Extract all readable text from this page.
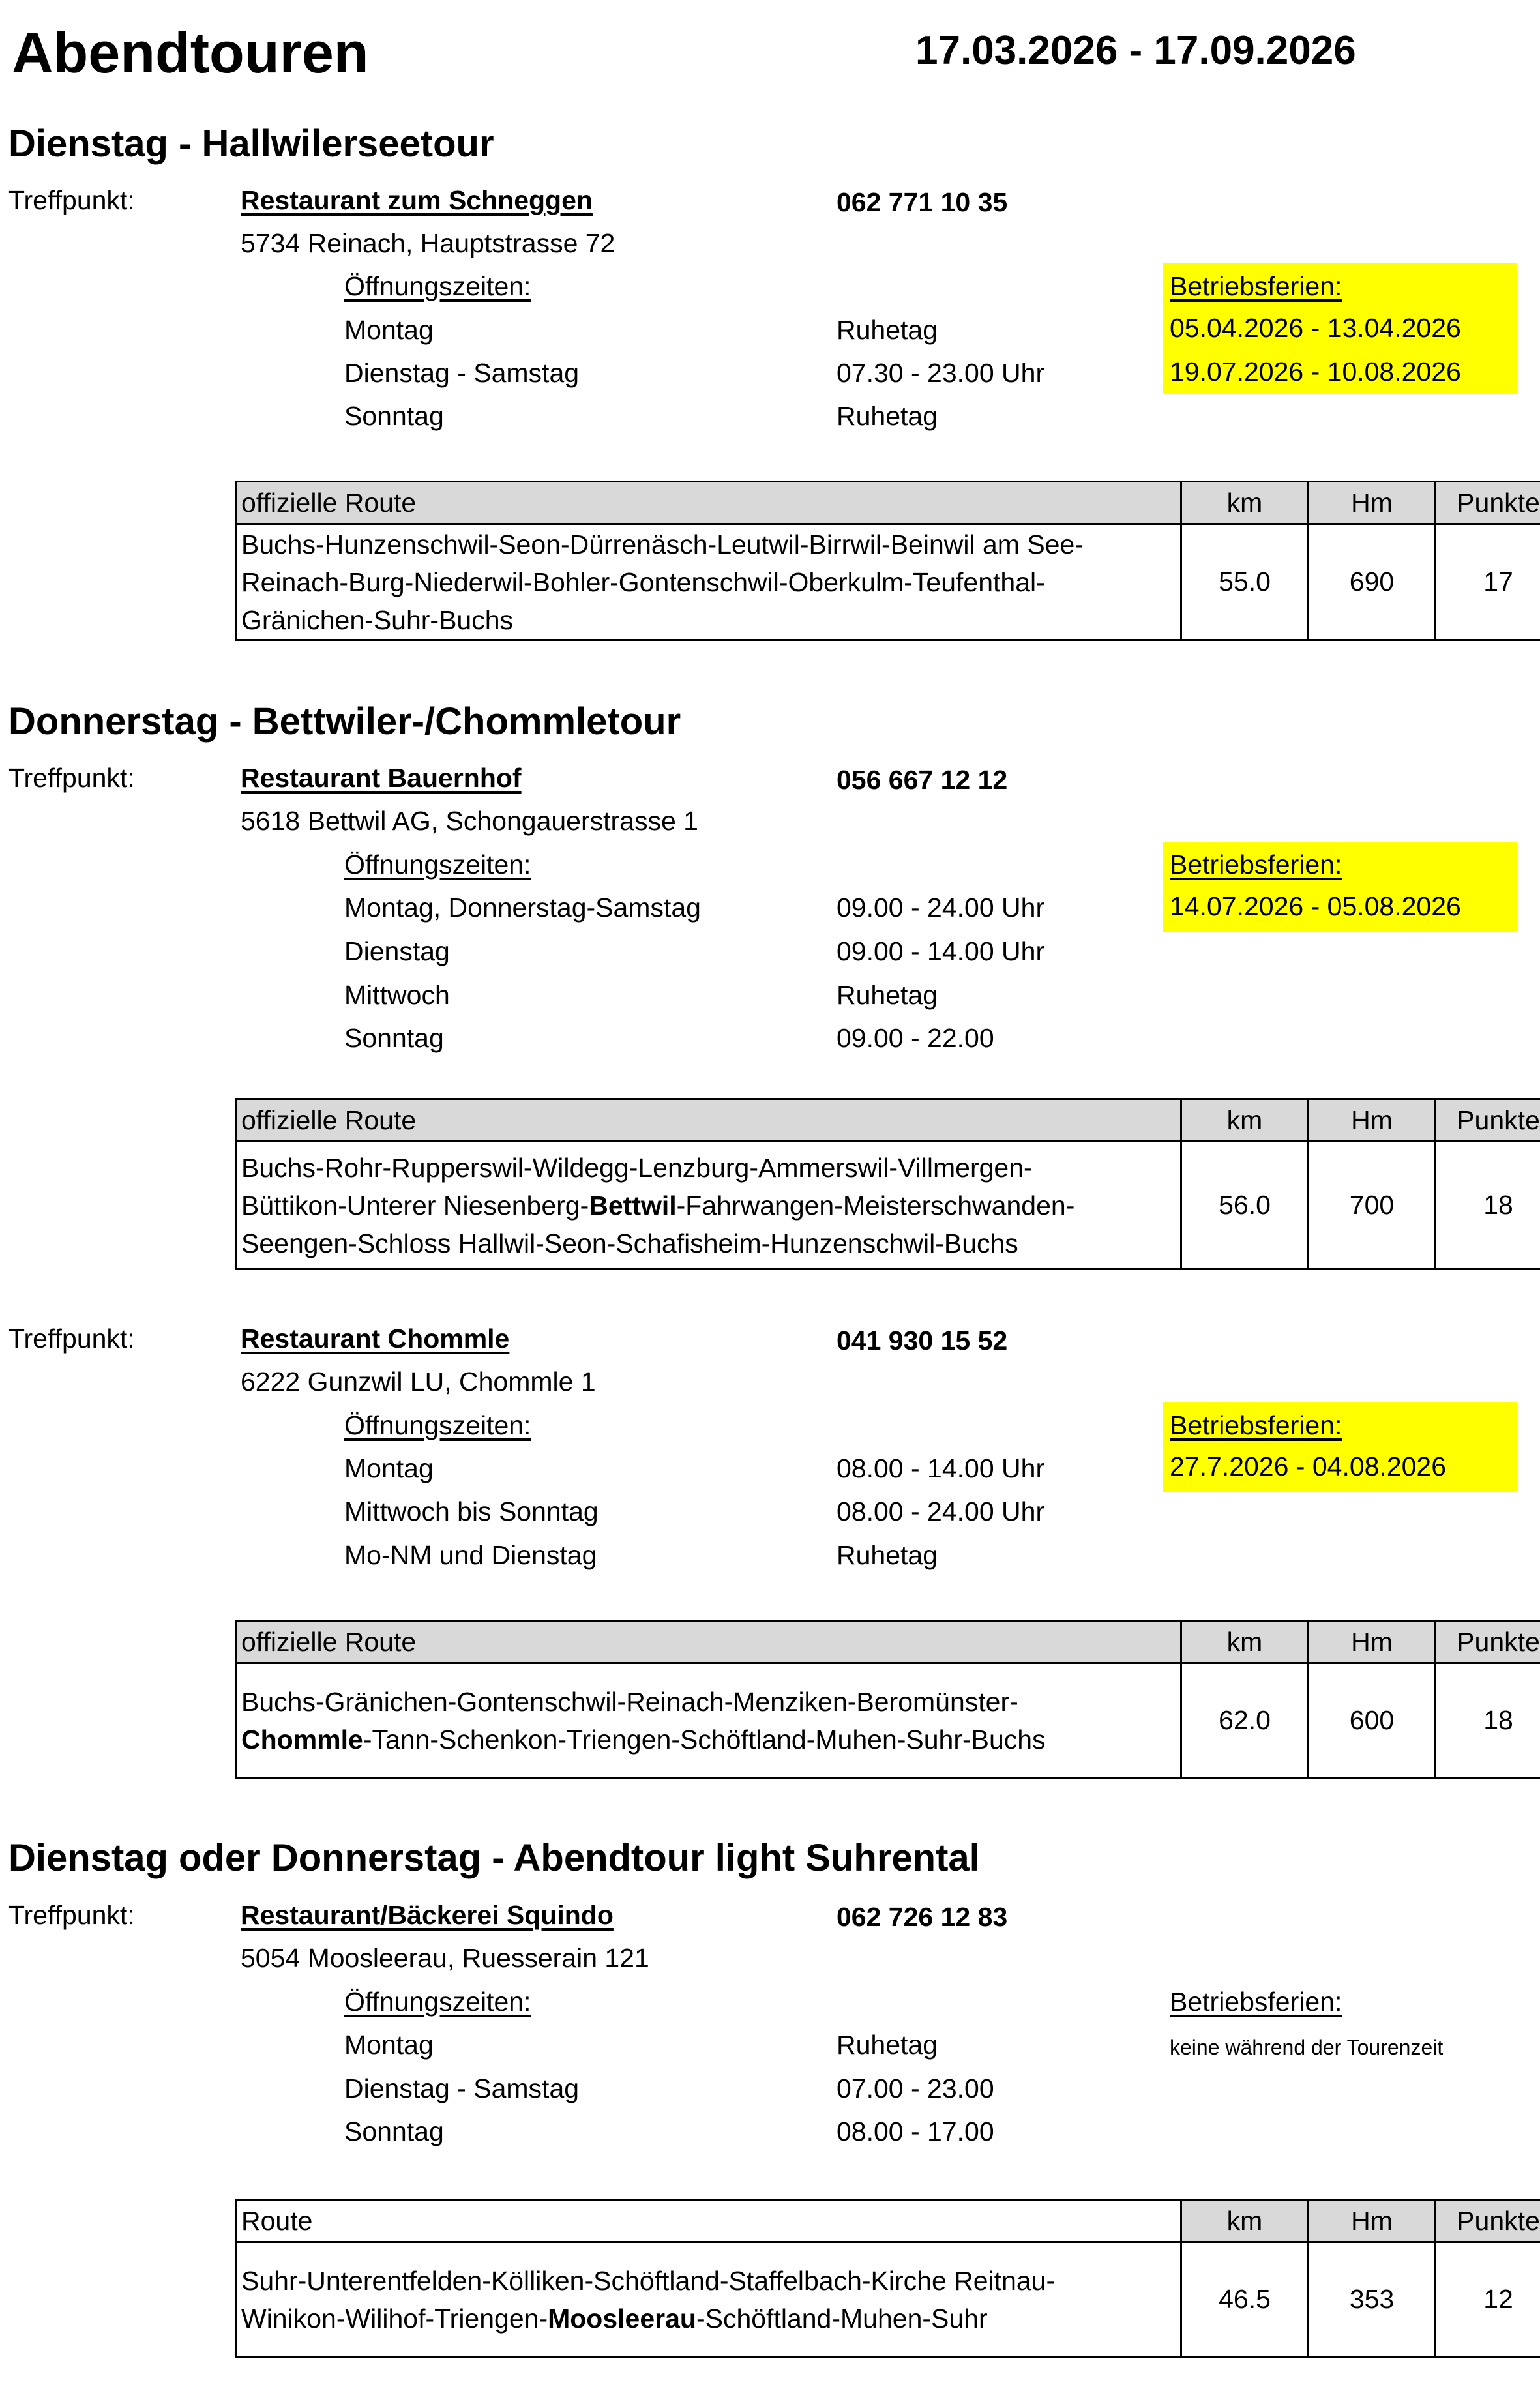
Abendtouren	17.03.2026 - 17.09.2026
Dienstag - Hallwilerseetour
Treffpunkt:	Restaurant zum Schneggen	062 771 10 35
5734 Reinach, Hauptstrasse 72
Öffnungszeiten:	Betriebsferien:
Montag	Ruhetag	05.04.2026 - 13.04.2026
Dienstag - Samstag	07.30 - 23.00 Uhr	19.07.2026 - 10.08.2026
Sonntag	Ruhetag
offizielle Route	km	Hm	Punkte

Buchs-Hunzenschwil-Seon-Dürrenäsch-Leutwil-Birrwil-Beinwil am See-
Reinach-Burg-Niederwil-Bohler-Gontenschwil-Oberkulm-Teufenthal-
Gränichen-Suhr-Buchs	55.0	690	17
Donnerstag - Bettwiler-/Chommletour
Treffpunkt:	Restaurant Bauernhof	056 667 12 12
5618 Bettwil AG, Schongauerstrasse 1
Öffnungszeiten:	Betriebsferien:
Montag, Donnerstag-Samstag	09.00 - 24.00 Uhr	14.07.2026 - 05.08.2026
Dienstag	09.00 - 14.00 Uhr
Mittwoch	Ruhetag
Sonntag	09.00 - 22.00
offizielle Route	km	Hm	Punkte

Buchs-Rohr-Rupperswil-Wildegg-Lenzburg-Ammerswil-Villmergen-
Büttikon-Unterer Niesenberg-Bettwil-Fahrwangen-Meisterschwanden-
Seengen-Schloss Hallwil-Seon-Schafisheim-Hunzenschwil-Buchs	56.0	700	18
Treffpunkt:	Restaurant Chommle	041 930 15 52
6222 Gunzwil LU, Chommle 1
Öffnungszeiten:	Betriebsferien:
Montag	08.00 - 14.00 Uhr	27.7.2026 - 04.08.2026
Mittwoch bis Sonntag	08.00 - 24.00 Uhr
Mo-NM und Dienstag	Ruhetag
offizielle Route	km	Hm	Punkte

Buchs-Gränichen-Gontenschwil-Reinach-Menziken-Beromünster-
Chommle-Tann-Schenkon-Triengen-Schöftland-Muhen-Suhr-Buchs	62.0	600	18
Dienstag oder Donnerstag - Abendtour light Suhrental
Treffpunkt:	Restaurant/Bäckerei Squindo	062 726 12 83
5054 Moosleerau, Ruesserain 121
Öffnungszeiten:	Betriebsferien:
Montag	Ruhetag	keine während der Tourenzeit
Dienstag - Samstag	07.00 - 23.00
Sonntag	08.00 - 17.00
Route	km	Hm	Punkte

Suhr-Unterentfelden-Kölliken-Schöftland-Staffelbach-Kirche Reitnau-
Winikon-Wilihof-Triengen-Moosleerau-Schöftland-Muhen-Suhr	46.5	353	12
